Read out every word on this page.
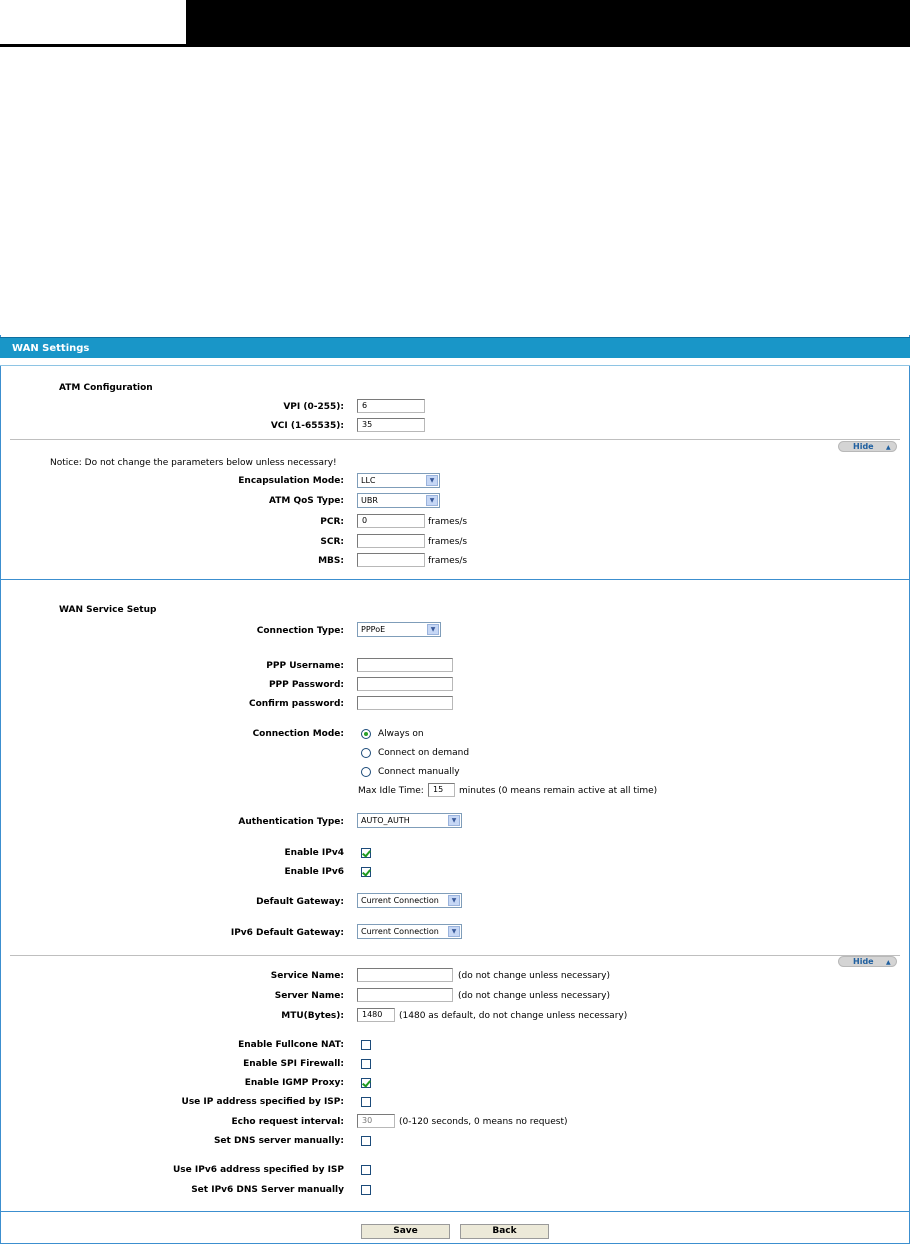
WAN Settings
ATM Configuration
VPI (0-255):	6
VCI (1-65535):	35
Hide ▲
Notice: Do not change the parameters below unless necessary!
Encapsulation Mode:	LLC	▼
ATM QoS Type:	UBR	▼
PCR:	0	frames/s
SCR:	frames/s
MBS:	frames/s
WAN Service Setup
Connection Type:	PPPoE	▼
PPP Username:
PPP Password:
Confirm password:
Connection Mode:	Always on
Connect on demand
Connect manually
Max Idle Time:	15	minutes (0 means remain active at all time)
Authentication Type:	AUTO_AUTH	▼
Enable IPv4
Enable IPv6
Default Gateway:	Current Connection	▼
IPv6 Default Gateway:	Current Connection	▼
Hide ▲
Service Name:	(do not change unless necessary)
Server Name:	(do not change unless necessary)
MTU(Bytes):	1480	(1480 as default, do not change unless necessary)
Enable Fullcone NAT:
Enable SPI Firewall:
Enable IGMP Proxy:
Use IP address specified by ISP:
Echo request interval:	30	(0-120 seconds, 0 means no request)
Set DNS server manually:
Use IPv6 address specified by ISP
Set IPv6 DNS Server manually
Save	Back
